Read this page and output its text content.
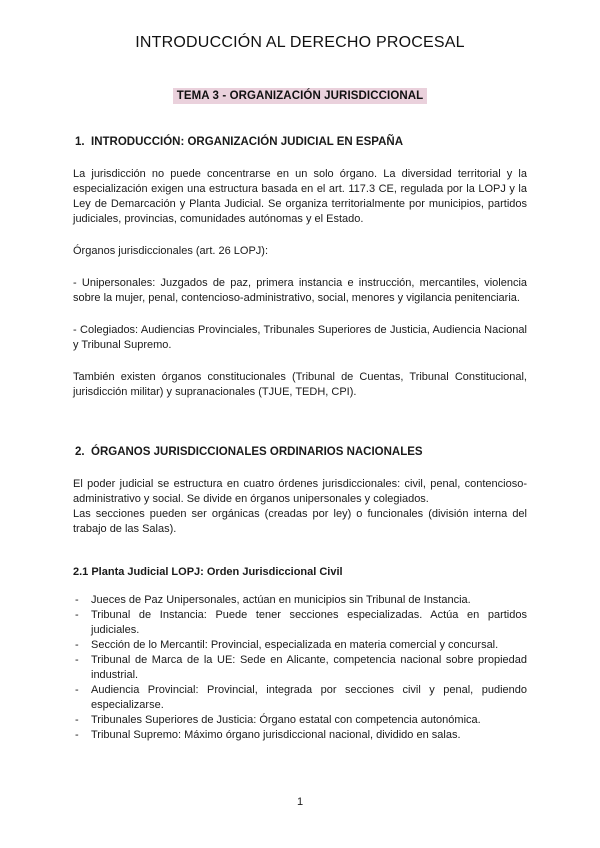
INTRODUCCIÓN AL DERECHO PROCESAL
TEMA 3 - ORGANIZACIÓN JURISDICCIONAL
1. INTRODUCCIÓN: ORGANIZACIÓN JUDICIAL EN ESPAÑA

La jurisdicción no puede concentrarse en un solo órgano. La diversidad territorial y la especialización exigen una estructura basada en el art. 117.3 CE, regulada por la LOPJ y la Ley de Demarcación y Planta Judicial. Se organiza territorialmente por municipios, partidos judiciales, provincias, comunidades autónomas y el Estado.

Órganos jurisdiccionales (art. 26 LOPJ):

- Unipersonales: Juzgados de paz, primera instancia e instrucción, mercantiles, violencia sobre la mujer, penal, contencioso-administrativo, social, menores y vigilancia penitenciaria.

- Colegiados: Audiencias Provinciales, Tribunales Superiores de Justicia, Audiencia Nacional y Tribunal Supremo.

También existen órganos constitucionales (Tribunal de Cuentas, Tribunal Constitucional, jurisdicción militar) y supranacionales (TJUE, TEDH, CPI).

2. ÓRGANOS JURISDICCIONALES ORDINARIOS NACIONALES

El poder judicial se estructura en cuatro órdenes jurisdiccionales: civil, penal, contencioso-administrativo y social. Se divide en órganos unipersonales y colegiados.

Las secciones pueden ser orgánicas (creadas por ley) o funcionales (división interna del trabajo de las Salas).

2.1 Planta Judicial LOPJ: Orden Jurisdiccional Civil
- Jueces de Paz Unipersonales, actúan en municipios sin Tribunal de Instancia.
- Tribunal de Instancia: Puede tener secciones especializadas. Actúa en partidos judiciales.
- Sección de lo Mercantil: Provincial, especializada en materia comercial y concursal.
- Tribunal de Marca de la UE: Sede en Alicante, competencia nacional sobre propiedad industrial.
- Audiencia Provincial: Provincial, integrada por secciones civil y penal, pudiendo especializarse.
- Tribunales Superiores de Justicia: Órgano estatal con competencia autonómica.
- Tribunal Supremo: Máximo órgano jurisdiccional nacional, dividido en salas.
1
